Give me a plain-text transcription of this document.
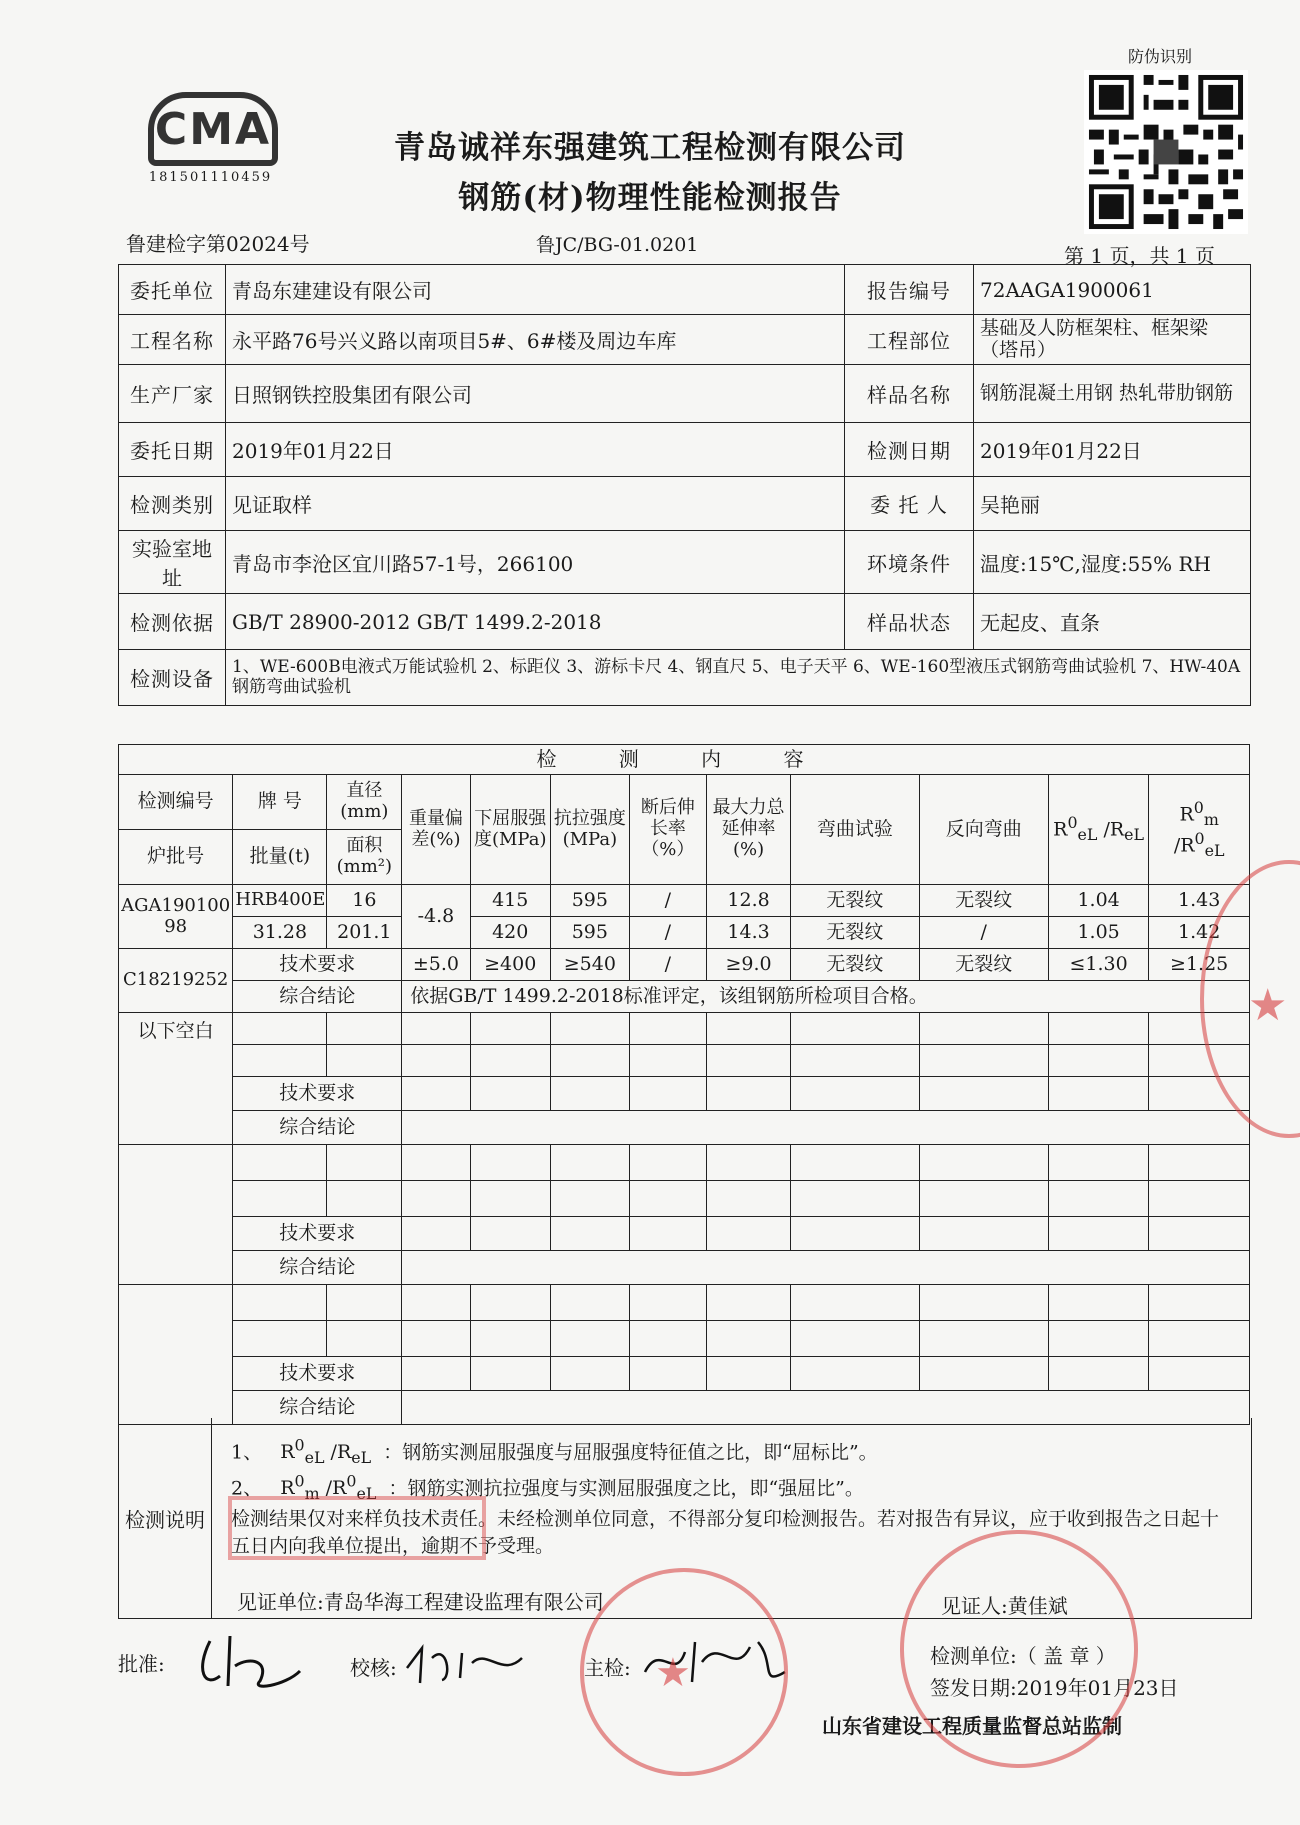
CMA
181501110459
青岛诚祥东强建筑工程检测有限公司
钢筋(材)物理性能检测报告
防伪识别
鲁建检字第02024号	鲁JC/BG-01.0201	第 1 页，共 1 页
委托单位	青岛东建建设有限公司	报告编号	72AAGA1900061
工程名称	永平路76号兴义路以南项目5#、6#楼及周边车库	工程部位	基础及人防框架柱、框架梁（塔吊）
生产厂家	日照钢铁控股集团有限公司	样品名称	钢筋混凝土用钢 热轧带肋钢筋
委托日期	2019年01月22日	检测日期	2019年01月22日
检测类别	见证取样	委 托 人	吴艳丽
实验室地址	青岛市李沧区宜川路57-1号，266100	环境条件	温度:15℃,湿度:55% RH
检测依据	GB/T 28900-2012 GB/T 1499.2-2018	样品状态	无起皮、直条
检测设备	1、WE-600B电液式万能试验机 2、标距仪 3、游标卡尺 4、钢直尺 5、电子天平 6、WE-160型液压式钢筋弯曲试验机 7、HW-40A钢筋弯曲试验机		
检 测 内 容											
检测编号	牌 号	直径(mm)	重量偏差(%)	下屈服强度(MPa)	抗拉强度(MPa)	断后伸长率（%）	最大力总延伸率(%)	弯曲试验	反向弯曲	$R^0_{eL}$ $/R_{eL}$	$R^0_m$ $/R^0_{eL}$
炉批号	批量(t)	面积(mm²)									
AGA19010098	HRB400E	16	-4.8	415	595	/	12.8	无裂纹	无裂纹	1.04	1.43
	31.28	201.1		420	595	/	14.3	无裂纹	/	1.05	1.42
C18219252	技术要求		±5.0	≥400	≥540	/	≥9.0	无裂纹	无裂纹	≤1.30	≥1.25
	综合结论		依据GB/T 1499.2-2018标准评定，该组钢筋所检项目合格。								
以下空白											

	技术要求										
	综合结论										

	技术要求										
	综合结论										

	技术要求										
	综合结论										
检测说明
1、 $R^0_{eL}$ $/R_{eL}$ ：钢筋实测屈服强度与屈服强度特征值之比，即“屈标比”。
2、 $R^0_m$ $/R^0_{eL}$ ：钢筋实测抗拉强度与实测屈服强度之比，即“强屈比”。
检测结果仅对来样负技术责任。未经检测单位同意，不得部分复印检测报告。若对报告有异议，应于收到报告之日起十五日内向我单位提出，逾期不予受理。
见证单位:青岛华海工程建设监理有限公司	见证人:黄佳斌
批准:	校核:	主检:	检测单位:（ 盖 章 ）
签发日期:2019年01月23日
山东省建设工程质量监督总站监制
★
★
